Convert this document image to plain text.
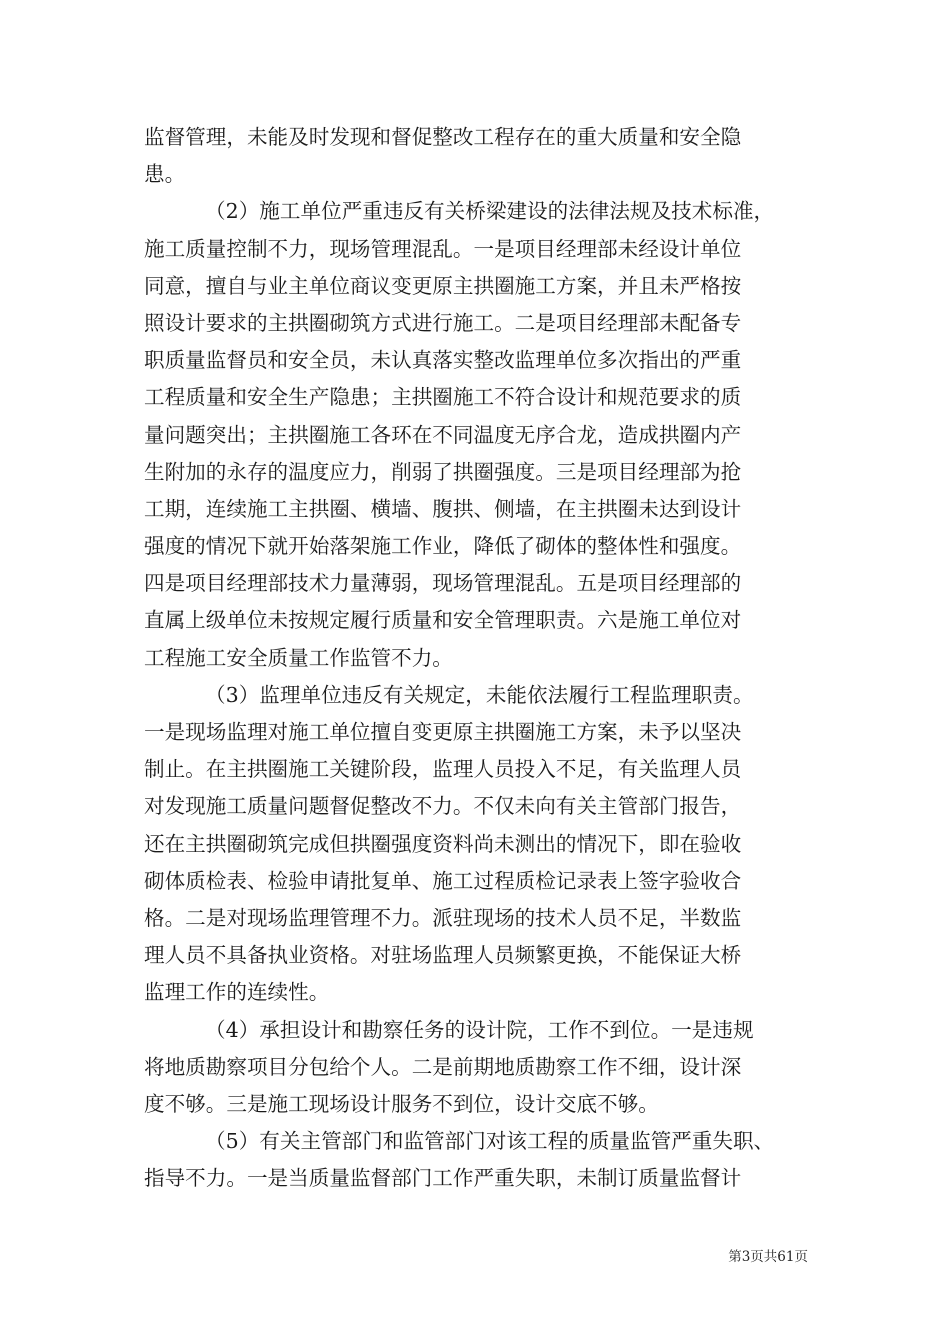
监督管理，未能及时发现和督促整改工程存在的重大质量和安全隐
患。
（2）施工单位严重违反有关桥梁建设的法律法规及技术标准，
施工质量控制不力，现场管理混乱。一是项目经理部未经设计单位
同意，擅自与业主单位商议变更原主拱圈施工方案，并且未严格按
照设计要求的主拱圈砌筑方式进行施工。二是项目经理部未配备专
职质量监督员和安全员，未认真落实整改监理单位多次指出的严重
工程质量和安全生产隐患；主拱圈施工不符合设计和规范要求的质
量问题突出；主拱圈施工各环在不同温度无序合龙，造成拱圈内产
生附加的永存的温度应力，削弱了拱圈强度。三是项目经理部为抢
工期，连续施工主拱圈、横墙、腹拱、侧墙，在主拱圈未达到设计
强度的情况下就开始落架施工作业，降低了砌体的整体性和强度。
四是项目经理部技术力量薄弱，现场管理混乱。五是项目经理部的
直属上级单位未按规定履行质量和安全管理职责。六是施工单位对
工程施工安全质量工作监管不力。
（3）监理单位违反有关规定，未能依法履行工程监理职责。
一是现场监理对施工单位擅自变更原主拱圈施工方案，未予以坚决
制止。在主拱圈施工关键阶段，监理人员投入不足，有关监理人员
对发现施工质量问题督促整改不力。不仅未向有关主管部门报告，
还在主拱圈砌筑完成但拱圈强度资料尚未测出的情况下，即在验收
砌体质检表、检验申请批复单、施工过程质检记录表上签字验收合
格。二是对现场监理管理不力。派驻现场的技术人员不足，半数监
理人员不具备执业资格。对驻场监理人员频繁更换，不能保证大桥
监理工作的连续性。
（4）承担设计和勘察任务的设计院，工作不到位。一是违规
将地质勘察项目分包给个人。二是前期地质勘察工作不细，设计深
度不够。三是施工现场设计服务不到位，设计交底不够。
（5）有关主管部门和监管部门对该工程的质量监管严重失职、
指导不力。一是当质量监督部门工作严重失职，未制订质量监督计
第3页共61页
